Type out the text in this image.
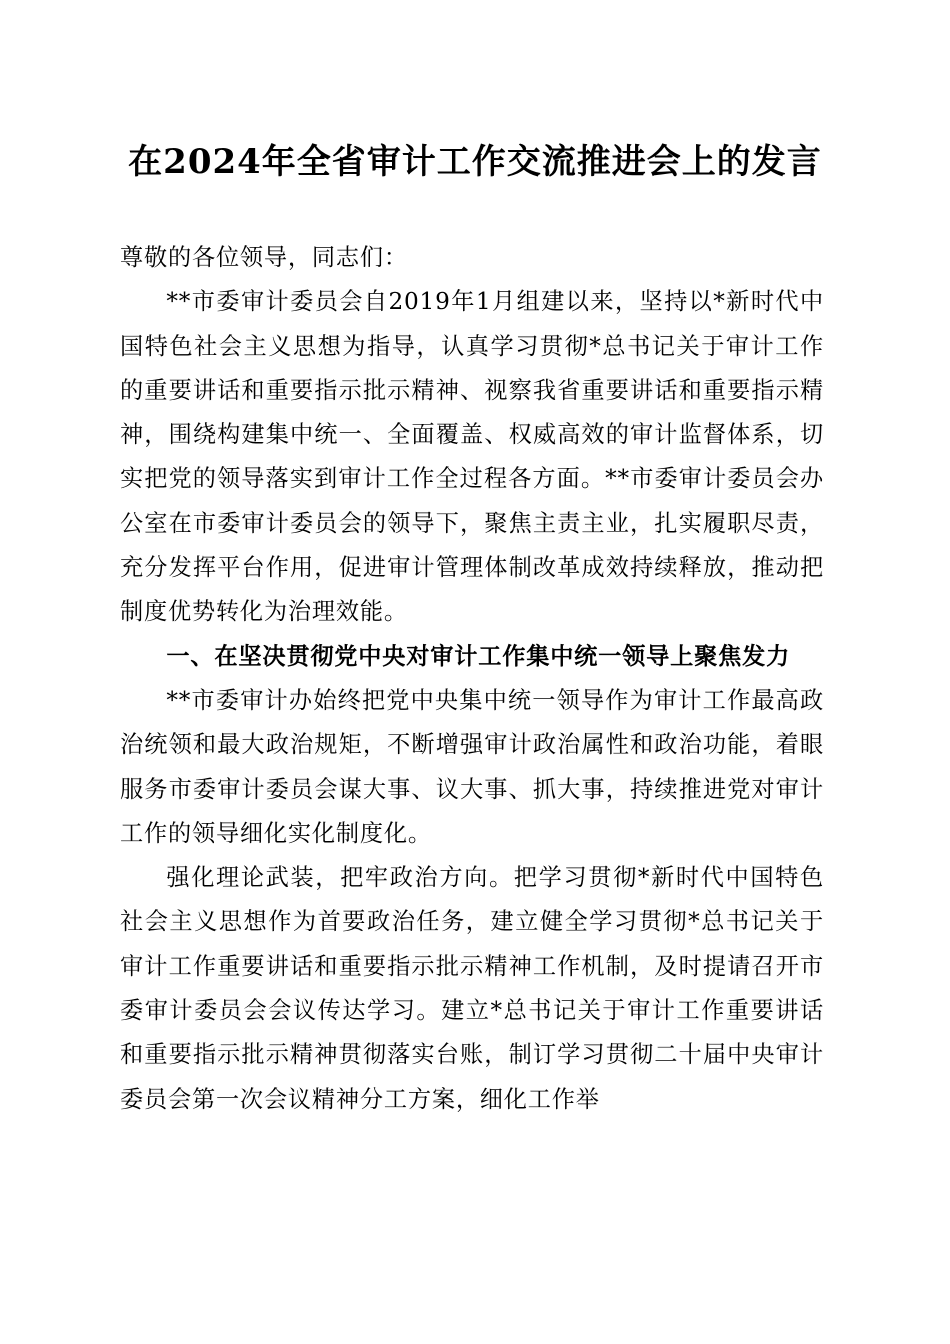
在2024年全省审计工作交流推进会上的发言

尊敬的各位领导，同志们：

**市委审计委员会自2019年1月组建以来，坚持以*新时代中国特色社会主义思想为指导，认真学习贯彻*总书记关于审计工作的重要讲话和重要指示批示精神、视察我省重要讲话和重要指示精神，围绕构建集中统一、全面覆盖、权威高效的审计监督体系，切实把党的领导落实到审计工作全过程各方面。**市委审计委员会办公室在市委审计委员会的领导下，聚焦主责主业，扎实履职尽责，充分发挥平台作用，促进审计管理体制改革成效持续释放，推动把制度优势转化为治理效能。

一、在坚决贯彻党中央对审计工作集中统一领导上聚焦发力

**市委审计办始终把党中央集中统一领导作为审计工作最高政治统领和最大政治规矩，不断增强审计政治属性和政治功能，着眼服务市委审计委员会谋大事、议大事、抓大事，持续推进党对审计工作的领导细化实化制度化。

强化理论武装，把牢政治方向。把学习贯彻*新时代中国特色社会主义思想作为首要政治任务，建立健全学习贯彻*总书记关于审计工作重要讲话和重要指示批示精神工作机制，及时提请召开市委审计委员会会议传达学习。建立*总书记关于审计工作重要讲话和重要指示批示精神贯彻落实台账，制订学习贯彻二十届中央审计委员会第一次会议精神分工方案，细化工作举
